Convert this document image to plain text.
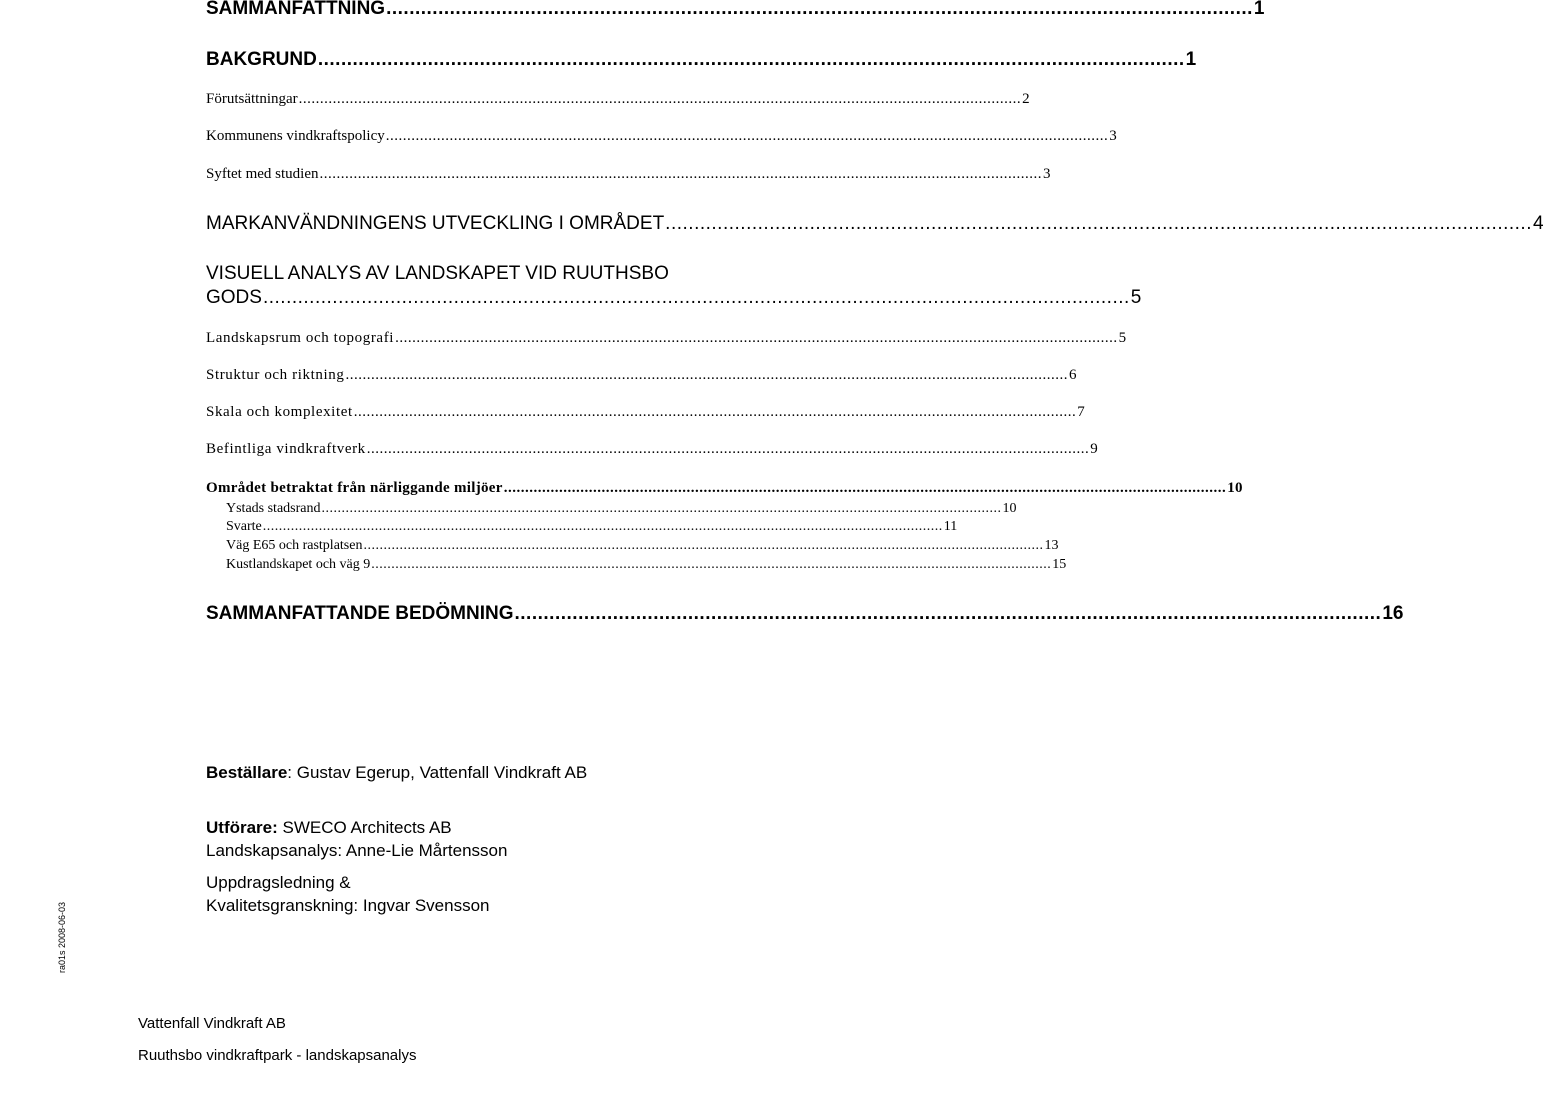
SAMMANFATTNING ...................................................................................................................................................... 1
BAKGRUND ...................................................................................................................................................... 1
Förutsättningar .......................................................................................................................................................................... 2
Kommunens vindkraftspolicy .......................................................................................................................................................................... 3
Syftet med studien .......................................................................................................................................................................... 3
MARKANVÄNDNINGENS UTVECKLING I OMRÅDET ...................................................................................................................................................... 4
VISUELL ANALYS AV LANDSKAPET VID RUUTHSBO
GODS ...................................................................................................................................................... 5
Landskapsrum och topografi .......................................................................................................................................................................... 5
Struktur och riktning .......................................................................................................................................................................... 6
Skala och komplexitet .......................................................................................................................................................................... 7
Befintliga vindkraftverk .......................................................................................................................................................................... 9
Området betraktat från närliggande miljöer .......................................................................................................................................................................... 10
Ystads stadsrand .......................................................................................................................................................................... 10
Svarte .......................................................................................................................................................................... 11
Väg E65 och rastplatsen .......................................................................................................................................................................... 13
Kustlandskapet och väg 9 .......................................................................................................................................................................... 15
SAMMANFATTANDE BEDÖMNING ...................................................................................................................................................... 16
Beställare: Gustav Egerup, Vattenfall Vindkraft AB
Utförare: SWECO Architects AB
Landskapsanalys: Anne-Lie Mårtensson
Uppdragsledning &
Kvalitetsgranskning: Ingvar Svensson
ra01s 2008-06-03
Vattenfall Vindkraft AB
Ruuthsbo vindkraftpark - landskapsanalys
